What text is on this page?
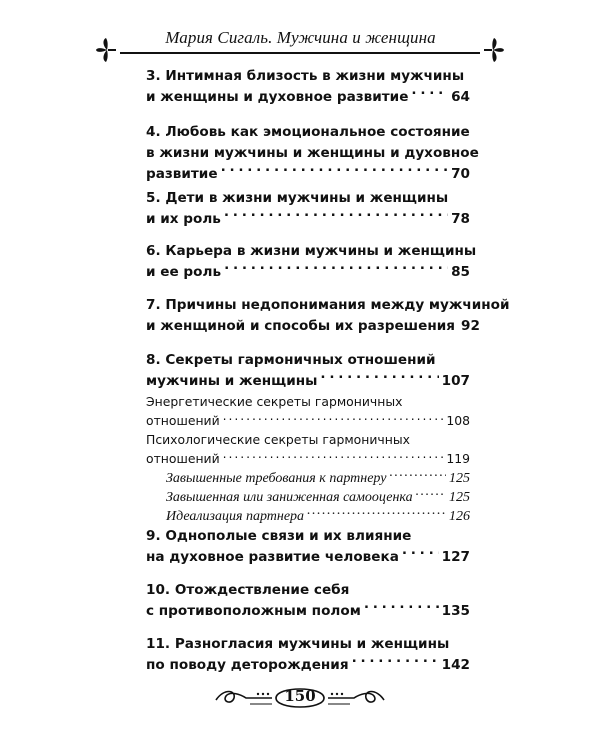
Мария Сигаль. Мужчина и женщина
3. Интимная близость в жизни мужчины
и женщины и духовное развитие . . .	64
4. Любовь как эмоциональное состояние
в жизни мужчины и женщины и духовное
развитие . . .	70
5. Дети в жизни мужчины и женщины
и их роль . . .	78
6. Карьера в жизни мужчины и женщины
и ее роль . . .	85
7. Причины недопонимания между мужчиной
и женщиной и способы их разрешения 92
8. Секреты гармоничных отношений
мужчины и женщины . . .	107
Энергетические секреты гармоничных
отношений . . .	108
Психологические секреты гармоничных
отношений . . .	119
Завышенные требования к партнеру . . .	125
Завышенная или заниженная самооценка . . .	125
Идеализация партнера . . .	126
9. Однополые связи и их влияние
на духовное развитие человека . . .	127
10. Отождествление себя
с противоположным полом . . .	135
11. Разногласия мужчины и женщины
по поводу деторождения . . .	142
150
